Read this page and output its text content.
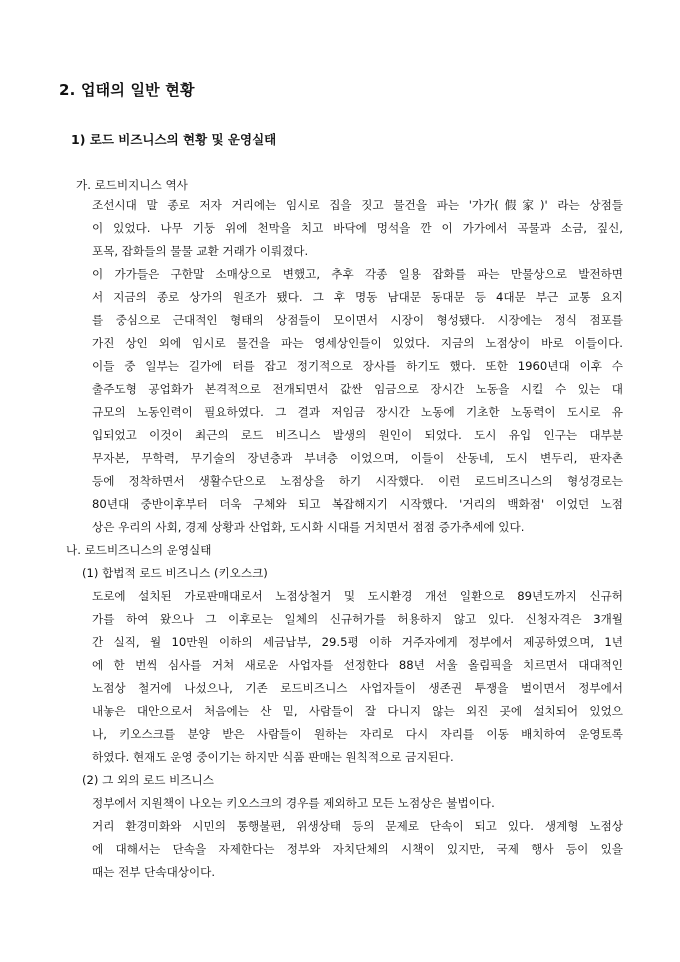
2. 업태의 일반 현황
1) 로드 비즈니스의 현황 및 운영실태
가. 로드비지니스 역사
조선시대 말 종로 저자 거리에는 임시로 집을 짓고 물건을 파는 '가가(假家)' 라는 상점들
이 있었다. 나무 기둥 위에 천막을 치고 바닥에 멍석을 깐 이 가가에서 곡물과 소금, 짚신,
포목, 잡화들의 물물 교환 거래가 이뤄졌다.
이 가가들은 구한말 소매상으로 변했고, 추후 각종 일용 잡화를 파는 만물상으로 발전하면
서 지금의 종로 상가의 원조가 됐다. 그 후 명동 남대문 동대문 등 4대문 부근 교통 요지
를 중심으로 근대적인 형태의 상점들이 모이면서 시장이 형성됐다. 시장에는 정식 점포를
가진 상인 외에 임시로 물건을 파는 영세상인들이 있었다. 지금의 노점상이 바로 이들이다.
이들 중 일부는 길가에 터를 잡고 정기적으로 장사를 하기도 했다. 또한 1960년대 이후 수
출주도형 공업화가 본격적으로 전개되면서 값싼 임금으로 장시간 노동을 시킬 수 있는 대
규모의 노동인력이 필요하였다. 그 결과 저임금 장시간 노동에 기초한 노동력이 도시로 유
입되었고 이것이 최근의 로드 비즈니스 발생의 원인이 되었다. 도시 유입 인구는 대부분
무자본, 무학력, 무기술의 장년층과 부녀층 이었으며, 이들이 산동네, 도시 변두리, 판자촌
등에 정착하면서 생활수단으로 노점상을 하기 시작했다. 이런 로드비즈니스의 형성경로는
80년대 중반이후부터 더욱 구체와 되고 복잡해지기 시작했다. '거리의 백화점' 이었던 노점
상은 우리의 사회, 경제 상황과 산업화, 도시화 시대를 거치면서 점점 증가추세에 있다.
나. 로드비즈니스의 운영실태
(1) 합법적 로드 비즈니스 (키오스크)
도로에 설치된 가로판매대로서 노점상철거 및 도시환경 개선 일환으로 89년도까지 신규허
가를 하여 왔으나 그 이후로는 일체의 신규허가를 허용하지 않고 있다. 신청자격은 3개월
간 실직, 월 10만원 이하의 세금납부, 29.5평 이하 거주자에게 정부에서 제공하였으며, 1년
에 한 번씩 심사를 거쳐 새로운 사업자를 선정한다 88년 서울 올림픽을 치르면서 대대적인
노점상 철거에 나섰으나, 기존 로드비즈니스 사업자들이 생존권 투쟁을 벌이면서 정부에서
내놓은 대안으로서 처음에는 산 밑, 사람들이 잘 다니지 않는 외진 곳에 설치되어 있었으
나, 키오스크를 분양 받은 사람들이 원하는 자리로 다시 자리를 이동 배치하여 운영토록
하였다. 현재도 운영 중이기는 하지만 식품 판매는 원칙적으로 금지된다.
(2) 그 외의 로드 비즈니스
정부에서 지원책이 나오는 키오스크의 경우를 제외하고 모든 노점상은 불법이다.
거리 환경미화와 시민의 통행불편, 위생상태 등의 문제로 단속이 되고 있다. 생계형 노점상
에 대해서는 단속을 자제한다는 정부와 자치단체의 시책이 있지만, 국제 행사 등이 있을
때는 전부 단속대상이다.
